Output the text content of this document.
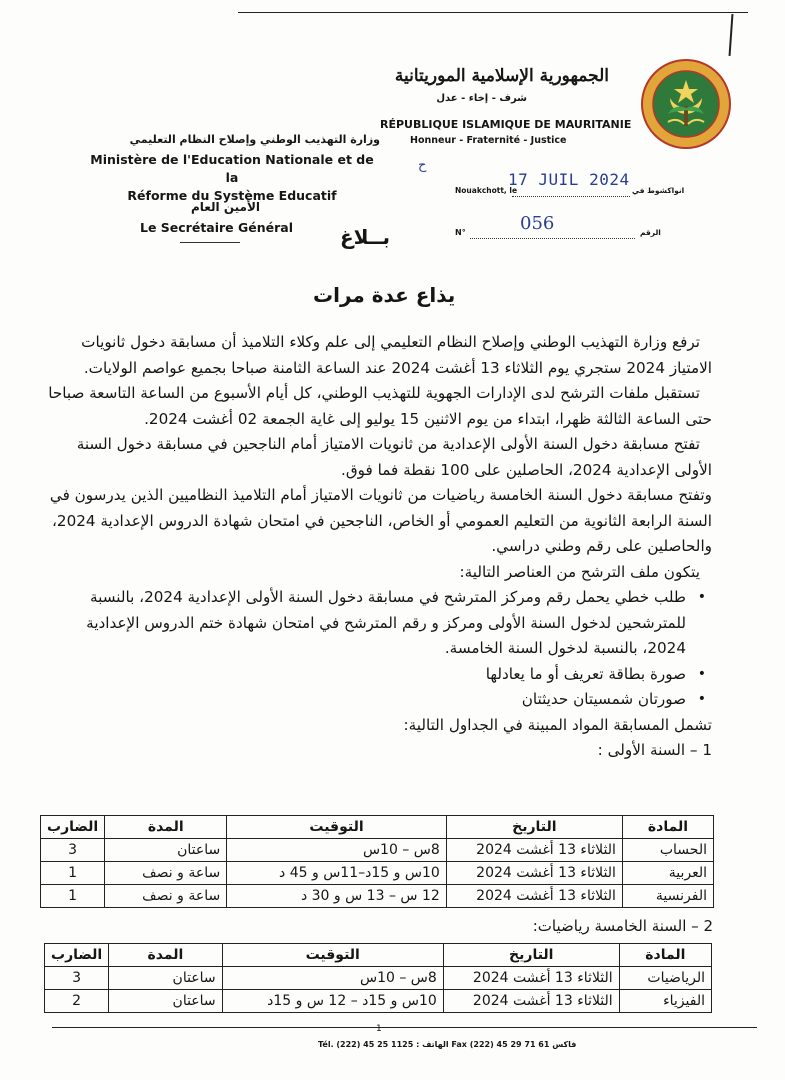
الجمهورية الإسلامية الموريتانية
شرف - إخاء - عدل
RÉPUBLIQUE ISLAMIQUE DE MAURITANIE
Honneur - Fraternité - Justice
وزارة التهذيب الوطني وإصلاح النظام التعليمي
Ministère de l'Education Nationale et de la
Réforme du Système Educatif
الأمين العام
Le Secrétaire Général
ح
Nouakchott, le	انواكشوط في
17 JUIL 2024
N°	الرقم
056
بــلاغ
يذاع عدة مرات

ترفع وزارة التهذيب الوطني وإصلاح النظام التعليمي إلى علم وكلاء التلاميذ أن مسابقة دخول ثانويات الامتياز 2024 ستجري يوم الثلاثاء 13 أغشت 2024 عند الساعة الثامنة صباحا بجميع عواصم الولايات.

تستقبل ملفات الترشح لدى الإدارات الجهوية للتهذيب الوطني، كل أيام الأسبوع من الساعة التاسعة صباحا حتى الساعة الثالثة ظهرا، ابتداء من يوم الاثنين 15 يوليو إلى غاية الجمعة 02 أغشت 2024.

تفتح مسابقة دخول السنة الأولى الإعدادية من ثانويات الامتياز أمام الناجحين في مسابقة دخول السنة الأولى الإعدادية 2024، الحاصلين على 100 نقطة فما فوق.

وتفتح مسابقة دخول السنة الخامسة رياضيات من ثانويات الامتياز أمام التلاميذ النظاميين الذين يدرسون في السنة الرابعة الثانوية من التعليم العمومي أو الخاص، الناجحين في امتحان شهادة الدروس الإعدادية 2024، والحاصلين على رقم وطني دراسي.

يتكون ملف الترشح من العناصر التالية:

• طلب خطي يحمل رقم ومركز المترشح في مسابقة دخول السنة الأولى الإعدادية 2024، بالنسبة للمترشحين لدخول السنة الأولى ومركز و رقم المترشح في امتحان شهادة ختم الدروس الإعدادية 2024، بالنسبة لدخول السنة الخامسة.
• صورة بطاقة تعريف أو ما يعادلها
• صورتان شمسيتان حديثتان

تشمل المسابقة المواد المبينة في الجداول التالية:

1 – السنة الأولى :

المادة	التاريخ	التوقيت	المدة	الضارب
الحساب	الثلاثاء 13 أغشت 2024	8س – 10س	ساعتان	3
العربية	الثلاثاء 13 أغشت 2024	10س و 15د–11س و 45 د	ساعة و نصف	1
الفرنسية	الثلاثاء 13 أغشت 2024	12 س – 13 س و 30 د	ساعة و نصف	1
2 – السنة الخامسة رياضيات:
المادة	التاريخ	التوقيت	المدة	الضارب
الرياضيات	الثلاثاء 13 أغشت 2024	8س – 10س	ساعتان	3
الفيزياء	الثلاثاء 13 أغشت 2024	10س و 15د – 12 س و 15د	ساعتان	2
1
Tél. (222) 45 25 1125 : الهاتف Fax (222) 45 29 71 61 فاكس
